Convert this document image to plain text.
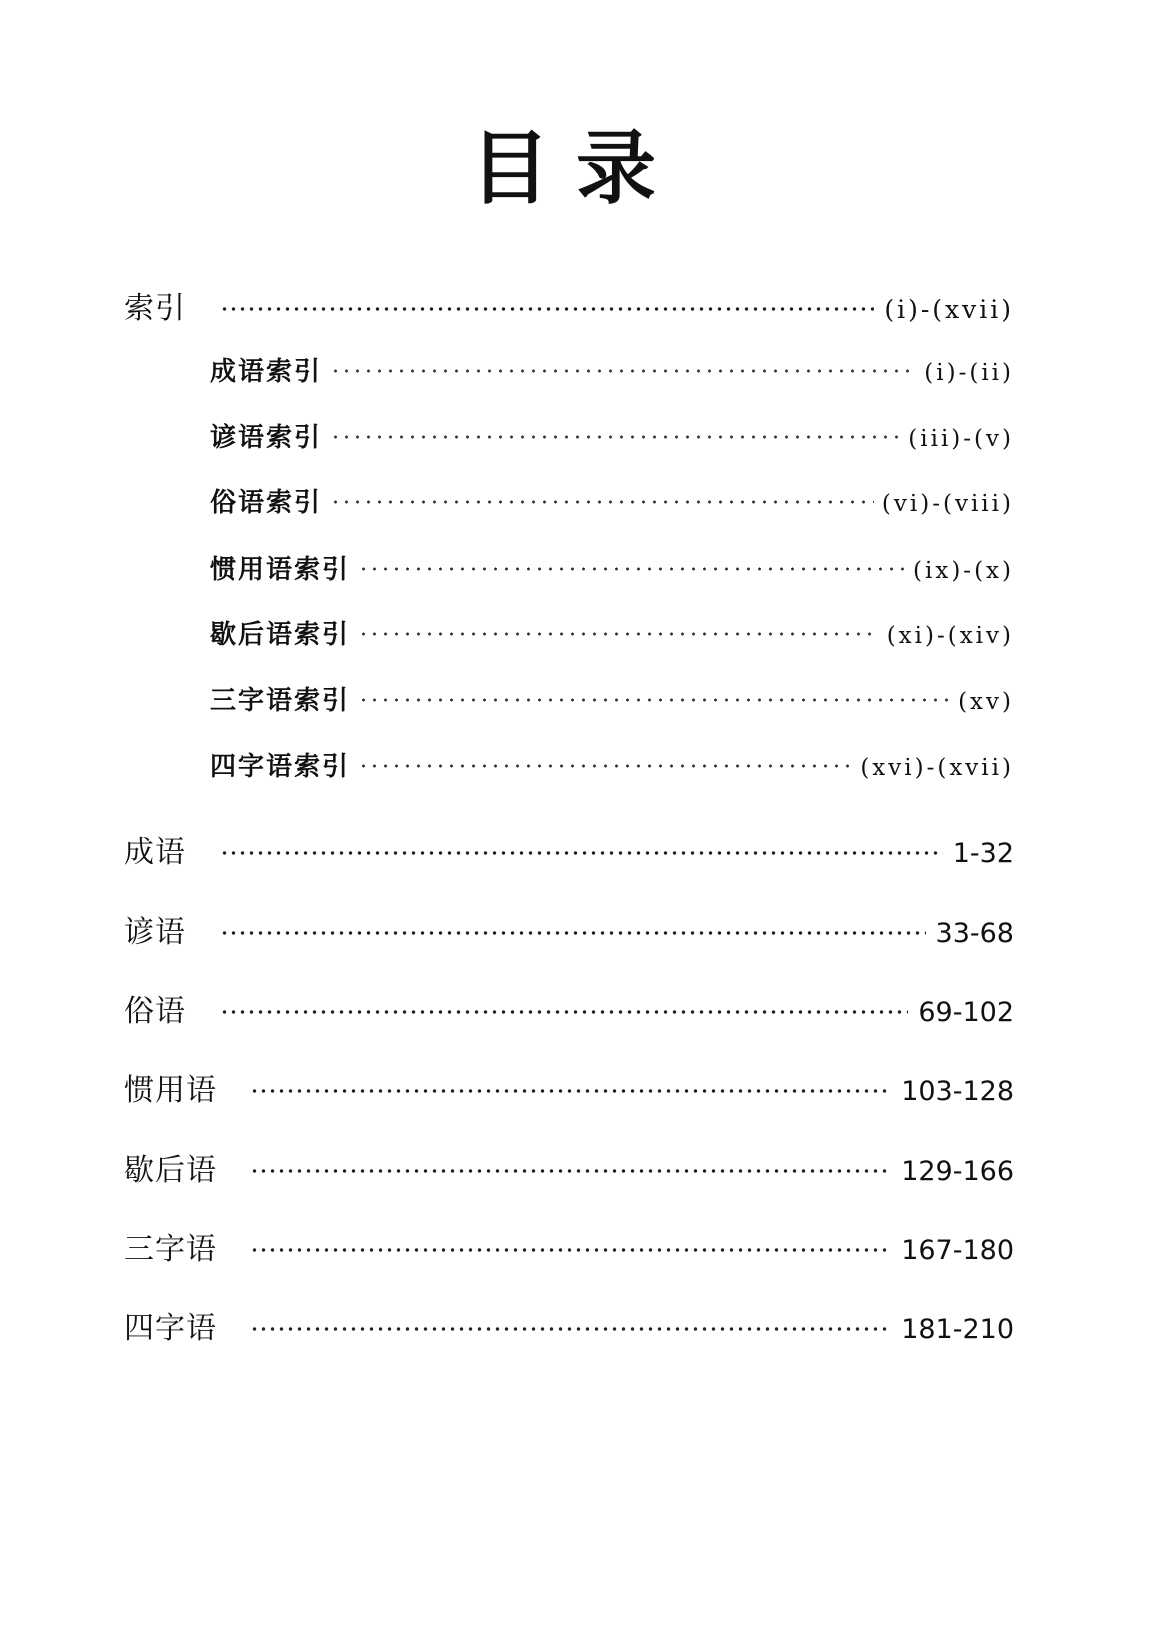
目录
索引	(i)-(xvii)
成语索引	(i)-(ii)
谚语索引	(iii)-(v)
俗语索引	(vi)-(viii)
惯用语索引	(ix)-(x)
歇后语索引	(xi)-(xiv)
三字语索引	(xv)
四字语索引	(xvi)-(xvii)
成语	1-32
谚语	33-68
俗语	69-102
惯用语	103-128
歇后语	129-166
三字语	167-180
四字语	181-210
